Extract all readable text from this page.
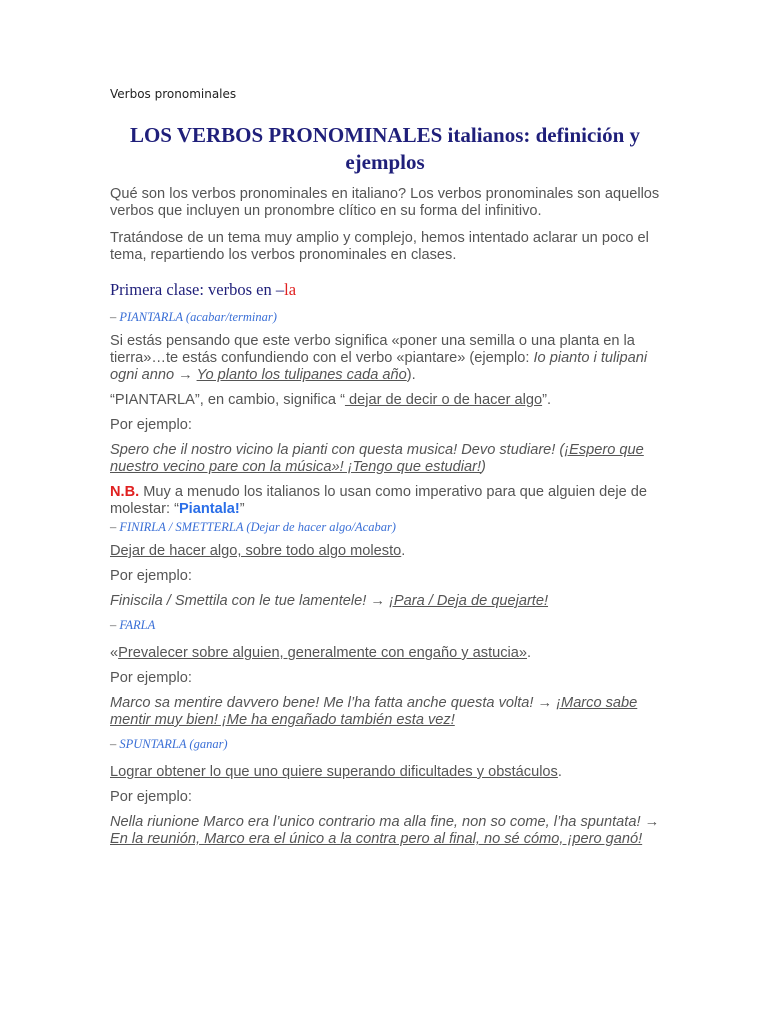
Verbos pronominales
LOS VERBOS PRONOMINALES italianos: definición y ejemplos

Qué son los verbos pronominales en italiano? Los verbos pronominales son aquellos verbos que incluyen un pronombre clítico en su forma del infinitivo.

Tratándose de un tema muy amplio y complejo, hemos intentado aclarar un poco el tema, repartiendo los verbos pronominales en clases.

Primera clase: verbos en –la
– PIANTARLA (acabar/terminar)

Si estás pensando que este verbo significa «poner una semilla o una planta en la tierra»…te estás confundiendo con el verbo «piantare» (ejemplo: Io pianto i tulipani ogni anno → Yo planto los tulipanes cada año).

“PIANTARLA”, en cambio, significa “ dejar de decir o de hacer algo”.

Por ejemplo:

Spero che il nostro vicino la pianti con questa musica! Devo studiare! (¡Espero que nuestro vecino pare con la música»! ¡Tengo que estudiar!)

N.B. Muy a menudo los italianos lo usan como imperativo para que alguien deje de molestar: “Piantala!”

– FINIRLA / SMETTERLA (Dejar de hacer algo/Acabar)

Dejar de hacer algo, sobre todo algo molesto.

Por ejemplo:

Finiscila / Smettila con le tue lamentele! → ¡Para / Deja de quejarte!

– FARLA

«Prevalecer sobre alguien, generalmente con engaño y astucia».

Por ejemplo:

Marco sa mentire davvero bene! Me l’ha fatta anche questa volta! → ¡Marco sabe mentir muy bien! ¡Me ha engañado también esta vez!

– SPUNTARLA (ganar)

Lograr obtener lo que uno quiere superando dificultades y obstáculos.

Por ejemplo:

Nella riunione Marco era l’unico contrario ma alla fine, non so come, l’ha spuntata! → En la reunión, Marco era el único a la contra pero al final, no sé cómo, ¡pero ganó!
